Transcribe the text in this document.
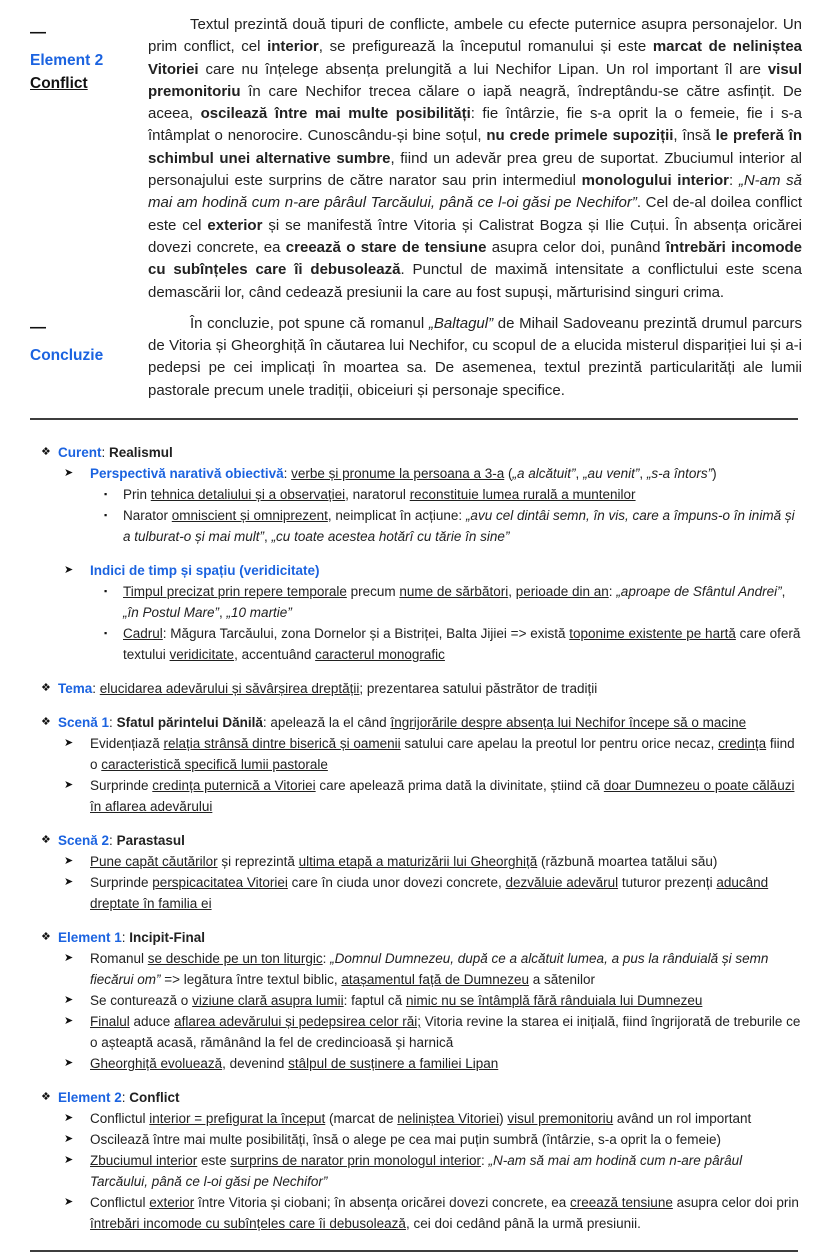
—
Element 2
Conflict

Textul prezintă două tipuri de conflicte, ambele cu efecte puternice asupra personajelor. Un prim conflict, cel interior, se prefigurează la începutul romanului și este marcat de neliniștea Vitoriei care nu înțelege absența prelungită a lui Nechifor Lipan. Un rol important îl are visul premonitoriu în care Nechifor trecea călare o iapă neagră, îndreptându-se către asfințit. De aceea, oscilează între mai multe posibilități: fie întârzie, fie s-a oprit la o femeie, fie i s-a întâmplat o nenorocire. Cunoscându-și bine soțul, nu crede primele supoziții, însă le preferă în schimbul unei alternative sumbre, fiind un adevăr prea greu de suportat. Zbuciumul interior al personajului este surprins de către narator sau prin intermediul monologului interior: „N-am să mai am hodină cum n-are pârâul Tarcăului, până ce l-oi găsi pe Nechifor”. Cel de-al doilea conflict este cel exterior și se manifestă între Vitoria și Calistrat Bogza și Ilie Cuțui. În absența oricărei dovezi concrete, ea creează o stare de tensiune asupra celor doi, punând întrebări incomode cu subînțeles care îi debusolează. Punctul de maximă intensitate a conflictului este scena demascării lor, când cedează presiunii la care au fost supuși, mărturisind singuri crima.

—
Concluzie

În concluzie, pot spune că romanul „Baltagul” de Mihail Sadoveanu prezintă drumul parcurs de Vitoria și Gheorghiță în căutarea lui Nechifor, cu scopul de a elucida misterul dispariției lui și a-i pedepsi pe cei implicați în moartea sa. De asemenea, textul prezintă particularități ale lumii pastorale precum unele tradiții, obiceiuri și personaje specifice.

❖ Curent: Realismul
➤	Perspectivă narativă obiectivă: verbe și pronume la persoana a 3-a („a alcătuit”, „au venit”, „s-a întors”)
▪	Prin tehnica detaliului și a observației, naratorul reconstituie lumea rurală a muntenilor
▪	Narator omniscient și omniprezent, neimplicat în acțiune: „avu cel dintâi semn, în vis, care a împuns-o în inimă și a tulburat-o și mai mult”, „cu toate acestea hotărî cu tărie în sine”
➤	Indici de timp și spațiu (veridicitate)
▪	Timpul precizat prin repere temporale precum nume de sărbători, perioade din an: „aproape de Sfântul Andrei”, „în Postul Mare”, „10 martie”
▪	Cadrul: Măgura Tarcăului, zona Dornelor și a Bistriței, Balta Jijiei => există toponime existente pe hartă care oferă textului veridicitate, accentuând caracterul monografic
❖ Tema: elucidarea adevărului și săvârșirea dreptății; prezentarea satului păstrător de tradiții
❖ Scenă 1: Sfatul părintelui Dănilă: apelează la el când îngrijorările despre absența lui Nechifor începe să o macine
➤	Evidențiază relația strânsă dintre biserică și oamenii satului care apelau la preotul lor pentru orice necaz, credința fiind o caracteristică specifică lumii pastorale
➤	Surprinde credința puternică a Vitoriei care apelează prima dată la divinitate, știind că doar Dumnezeu o poate călăuzi în aflarea adevărului
❖ Scenă 2: Parastasul
➤	Pune capăt căutărilor și reprezintă ultima etapă a maturizării lui Gheorghiță (răzbună moartea tatălui său)
➤	Surprinde perspicacitatea Vitoriei care în ciuda unor dovezi concrete, dezvăluie adevărul tuturor prezenți aducând dreptate în familia ei
❖ Element 1: Incipit-Final
➤	Romanul se deschide pe un ton liturgic: „Domnul Dumnezeu, după ce a alcătuit lumea, a pus la rânduială și semn fiecărui om” => legătura între textul biblic, atașamentul față de Dumnezeu a sătenilor
➤	Se conturează o viziune clară asupra lumii: faptul că nimic nu se întâmplă fără rânduiala lui Dumnezeu
➤	Finalul aduce aflarea adevărului și pedepsirea celor răi; Vitoria revine la starea ei inițială, fiind îngrijorată de treburile ce o așteaptă acasă, rămânând la fel de credincioasă și harnică
➤	Gheorghiță evoluează, devenind stâlpul de susținere a familiei Lipan
❖ Element 2: Conflict
➤	Conflictul interior = prefigurat la început (marcat de neliniștea Vitoriei) visul premonitoriu având un rol important
➤	Oscilează între mai multe posibilități, însă o alege pe cea mai puțin sumbră (întârzie, s-a oprit la o femeie)
➤	Zbuciumul interior este surprins de narator prin monologul interior: „N-am să mai am hodină cum n-are pârâul Tarcăului, până ce l-oi găsi pe Nechifor”
➤	Conflictul exterior între Vitoria și ciobani; în absența oricărei dovezi concrete, ea creează tensiune asupra celor doi prin întrebări incomode cu subînțeles care îi debusolează, cei doi cedând până la urmă presiunii.
